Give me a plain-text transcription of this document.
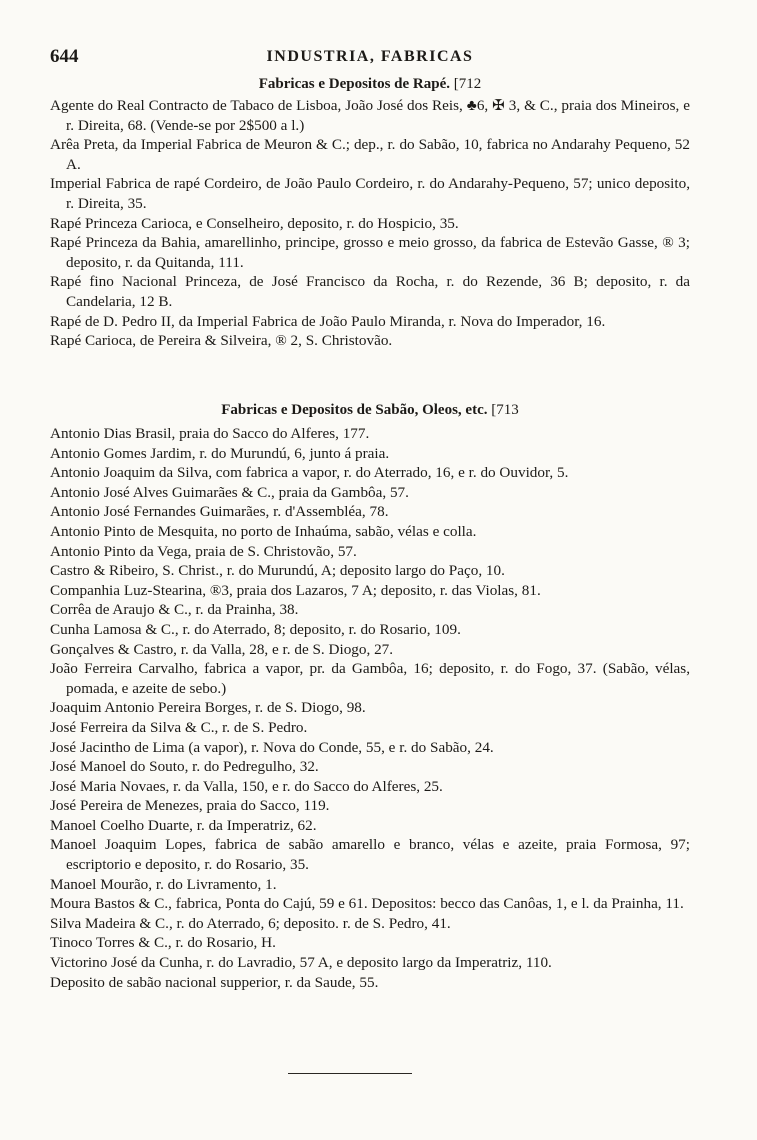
644	INDUSTRIA, FABRICAS
Fabricas e Depositos de Rapé. [712
Agente do Real Contracto de Tabaco de Lisboa, João José dos Reis, ♣6, ✠ 3, & C., praia dos Mineiros, e r. Direita, 68. (Vende-se por 2$500 a l.)
Arêa Preta, da Imperial Fabrica de Meuron & C.; dep., r. do Sabão, 10, fabrica no Andarahy Pequeno, 52 A.
Imperial Fabrica de rapé Cordeiro, de João Paulo Cordeiro, r. do Andarahy-Pequeno, 57; unico deposito, r. Direita, 35.
Rapé Princeza Carioca, e Conselheiro, deposito, r. do Hospicio, 35.
Rapé Princeza da Bahia, amarellinho, principe, grosso e meio grosso, da fabrica de Estevão Gasse, ® 3; deposito, r. da Quitanda, 111.
Rapé fino Nacional Princeza, de José Francisco da Rocha, r. do Rezende, 36 B; deposito, r. da Candelaria, 12 B.
Rapé de D. Pedro II, da Imperial Fabrica de João Paulo Miranda, r. Nova do Imperador, 16.
Rapé Carioca, de Pereira & Silveira, ® 2, S. Christovão.
Fabricas e Depositos de Sabão, Oleos, etc. [713
Antonio Dias Brasil, praia do Sacco do Alferes, 177.
Antonio Gomes Jardim, r. do Murundú, 6, junto á praia.
Antonio Joaquim da Silva, com fabrica a vapor, r. do Aterrado, 16, e r. do Ouvidor, 5.
Antonio José Alves Guimarães & C., praia da Gambôa, 57.
Antonio José Fernandes Guimarães, r. d'Assembléa, 78.
Antonio Pinto de Mesquita, no porto de Inhaúma, sabão, vélas e colla.
Antonio Pinto da Vega, praia de S. Christovão, 57.
Castro & Ribeiro, S. Christ., r. do Murundú, A; deposito largo do Paço, 10.
Companhia Luz-Stearina, ®3, praia dos Lazaros, 7 A; deposito, r. das Violas, 81.
Corrêa de Araujo & C., r. da Prainha, 38.
Cunha Lamosa & C., r. do Aterrado, 8; deposito, r. do Rosario, 109.
Gonçalves & Castro, r. da Valla, 28, e r. de S. Diogo, 27.
João Ferreira Carvalho, fabrica a vapor, pr. da Gambôa, 16; deposito, r. do Fogo, 37. (Sabão, vélas, pomada, e azeite de sebo.)
Joaquim Antonio Pereira Borges, r. de S. Diogo, 98.
José Ferreira da Silva & C., r. de S. Pedro.
José Jacintho de Lima (a vapor), r. Nova do Conde, 55, e r. do Sabão, 24.
José Manoel do Souto, r. do Pedregulho, 32.
José Maria Novaes, r. da Valla, 150, e r. do Sacco do Alferes, 25.
José Pereira de Menezes, praia do Sacco, 119.
Manoel Coelho Duarte, r. da Imperatriz, 62.
Manoel Joaquim Lopes, fabrica de sabão amarello e branco, vélas e azeite, praia Formosa, 97; escriptorio e deposito, r. do Rosario, 35.
Manoel Mourão, r. do Livramento, 1.
Moura Bastos & C., fabrica, Ponta do Cajú, 59 e 61. Depositos: becco das Canôas, 1, e l. da Prainha, 11.
Silva Madeira & C., r. do Aterrado, 6; deposito. r. de S. Pedro, 41.
Tinoco Torres & C., r. do Rosario, H.
Victorino José da Cunha, r. do Lavradio, 57 A, e deposito largo da Imperatriz, 110.
Deposito de sabão nacional supperior, r. da Saude, 55.
